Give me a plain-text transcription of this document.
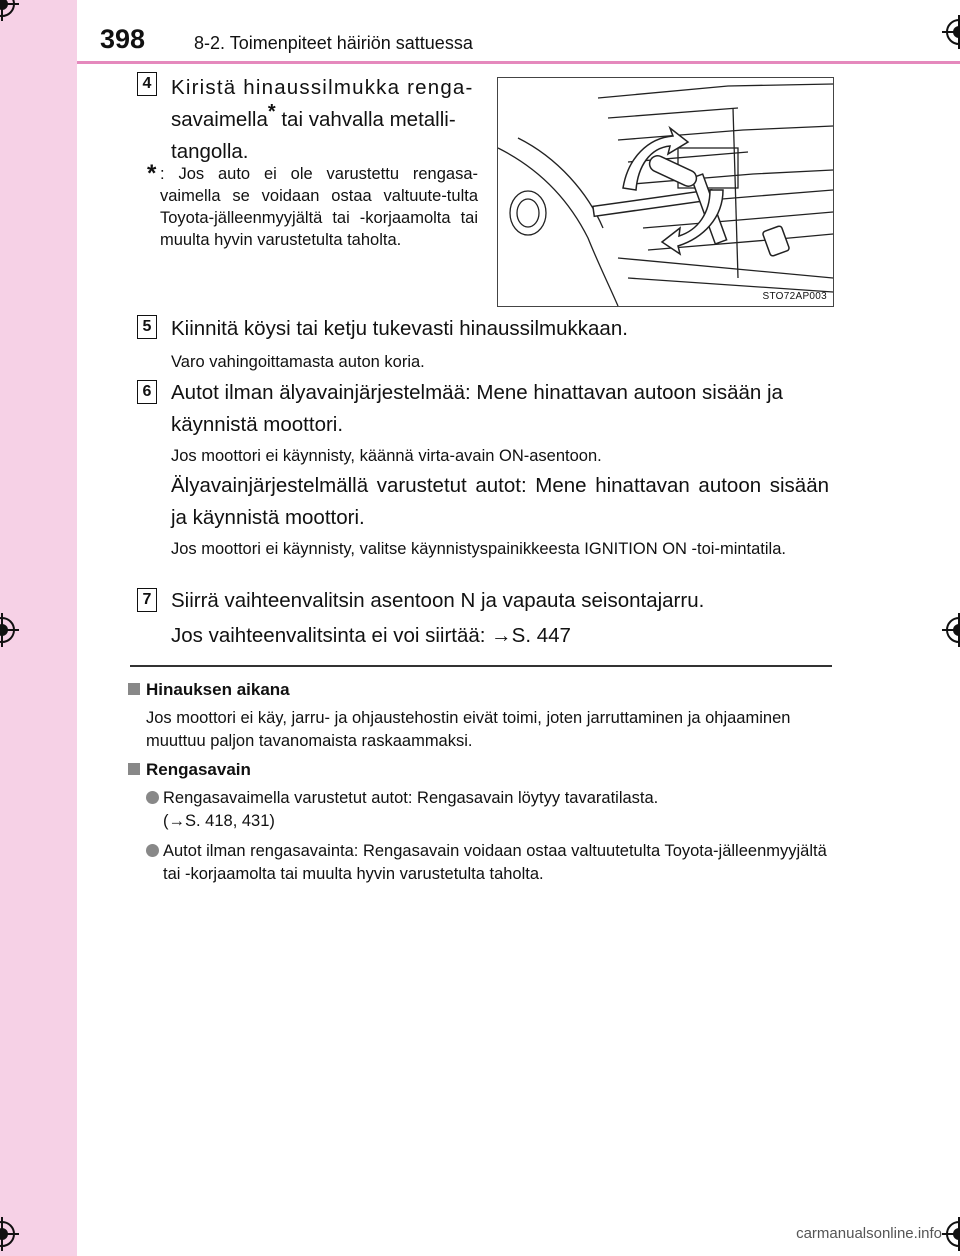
398	8-2. Toimenpiteet häiriön sattuessa
4 Kiristä hinaussilmukka renga-
savaimella* tai vahvalla metalli-
tangolla.
* : Jos auto ei ole varustettu rengasa-vaimella se voidaan ostaa valtuute-tulta Toyota-jälleenmyyjältä tai -korjaamolta tai muulta hyvin varustetulta taholta.
STO72AP003
5 Kiinnitä köysi tai ketju tukevasti hinaussilmukkaan.
Varo vahingoittamasta auton koria.
6 Autot ilman älyavainjärjestelmää: Mene hinattavan autoon sisään ja käynnistä moottori.
Jos moottori ei käynnisty, käännä virta-avain ON-asentoon.
Älyavainjärjestelmällä varustetut autot: Mene hinattavan autoon sisään ja käynnistä moottori.
Jos moottori ei käynnisty, valitse käynnistyspainikkeesta IGNITION ON -toi-mintatila.
7 Siirrä vaihteenvalitsin asentoon N ja vapauta seisontajarru.
Jos vaihteenvalitsinta ei voi siirtää: →S. 447
Hinauksen aikana
Jos moottori ei käy, jarru- ja ohjaustehostin eivät toimi, joten jarruttaminen ja ohjaaminen muuttuu paljon tavanomaista raskaammaksi.
Rengasavain
Rengasavaimella varustetut autot: Rengasavain löytyy tavaratilasta.
(→S. 418, 431)
Autot ilman rengasavainta: Rengasavain voidaan ostaa valtuutetulta Toyota-jälleenmyyjältä tai -korjaamolta tai muulta hyvin varustetulta taholta.
carmanualsonline.info
